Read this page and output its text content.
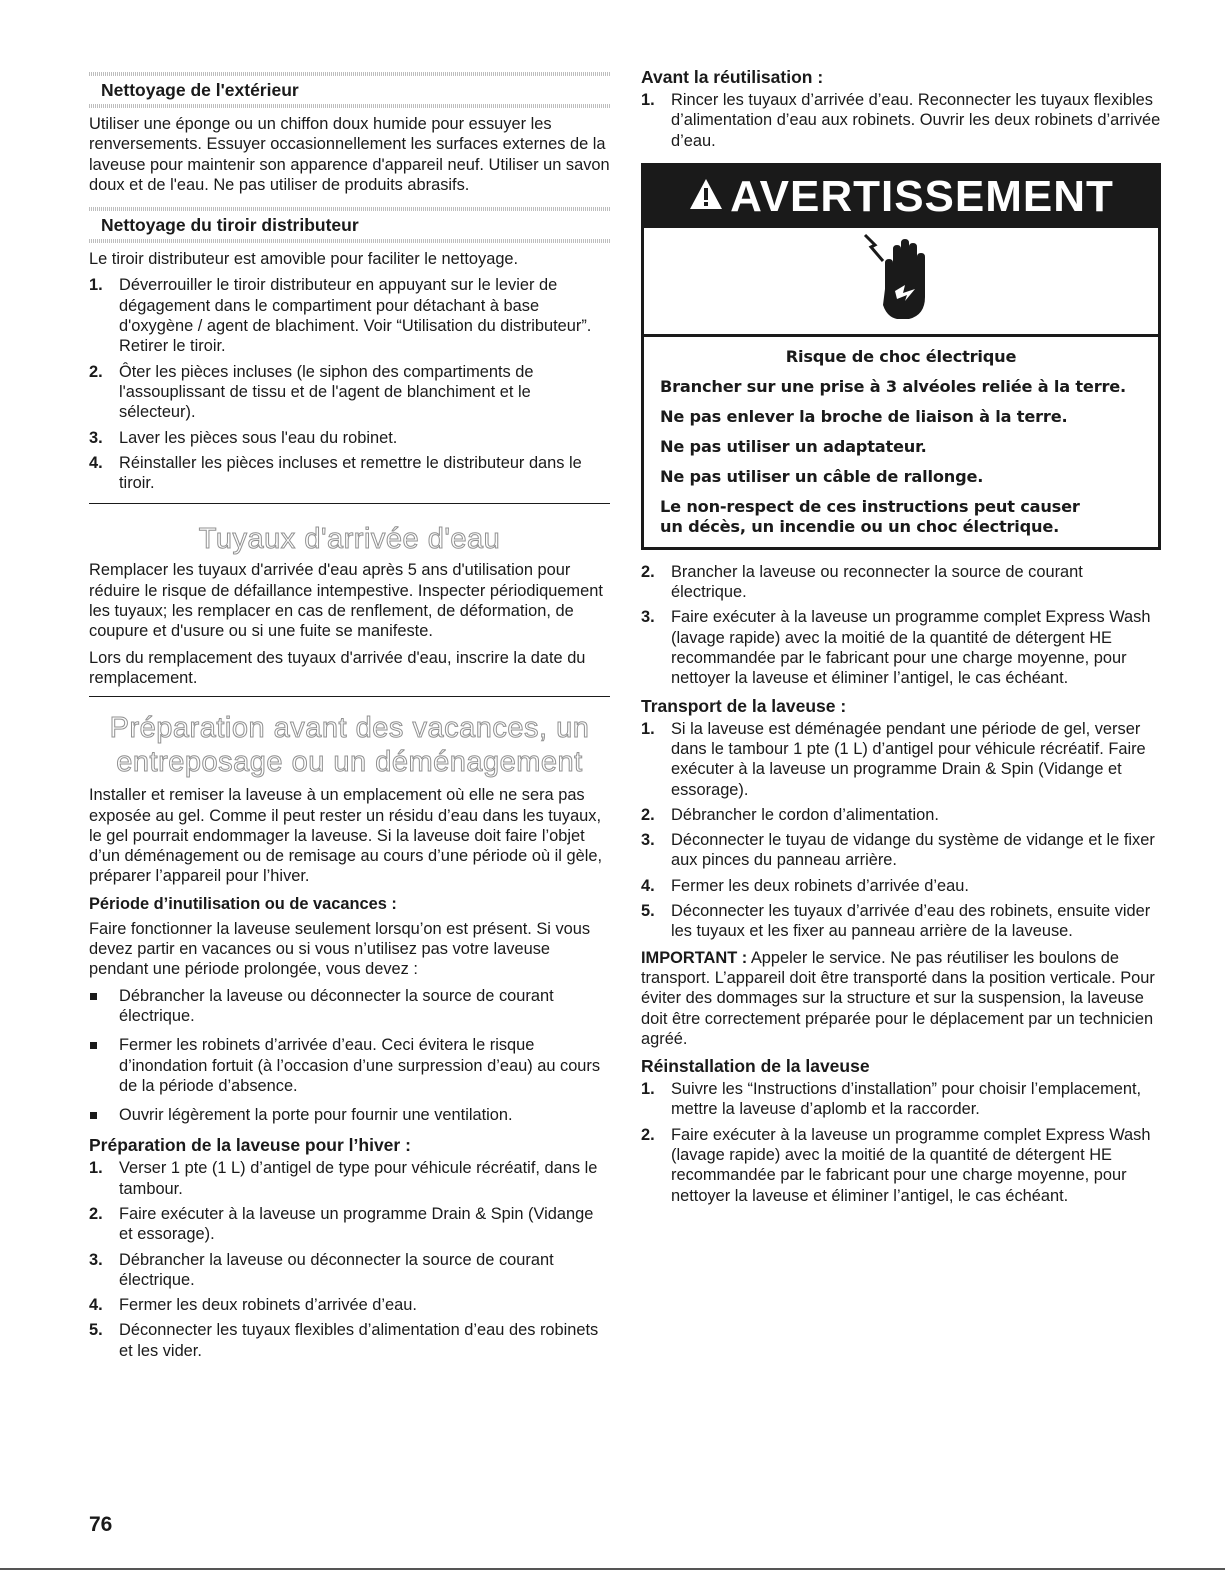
Nettoyage de l'extérieur

Utiliser une éponge ou un chiffon doux humide pour essuyer les renversements. Essuyer occasionnellement les surfaces externes de la laveuse pour maintenir son apparence d'appareil neuf. Utiliser un savon doux et de l'eau. Ne pas utiliser de produits abrasifs.

Nettoyage du tiroir distributeur

Le tiroir distributeur est amovible pour faciliter le nettoyage.

1. Déverrouiller le tiroir distributeur en appuyant sur le levier de dégagement dans le compartiment pour détachant à base d'oxygène / agent de blachiment. Voir “Utilisation du distributeur”. Retirer le tiroir.
2. Ôter les pièces incluses (le siphon des compartiments de l'assouplissant de tissu et de l'agent de blanchiment et le sélecteur).
3. Laver les pièces sous l'eau du robinet.
4. Réinstaller les pièces incluses et remettre le distributeur dans le tiroir.
Tuyaux d'arrivée d'eau

Remplacer les tuyaux d'arrivée d'eau après 5 ans d'utilisation pour réduire le risque de défaillance intempestive. Inspecter périodiquement les tuyaux; les remplacer en cas de renflement, de déformation, de coupure et d'usure ou si une fuite se manifeste.

Lors du remplacement des tuyaux d'arrivée d'eau, inscrire la date du remplacement.

Préparation avant des vacances, un
entreposage ou un déménagement

Installer et remiser la laveuse à un emplacement où elle ne sera pas exposée au gel. Comme il peut rester un résidu d’eau dans les tuyaux, le gel pourrait endommager la laveuse. Si la laveuse doit faire l’objet d’un déménagement ou de remisage au cours d’une période où il gèle, préparer l’appareil pour l’hiver.

Période d’inutilisation ou de vacances :

Faire fonctionner la laveuse seulement lorsqu’on est présent. Si vous devez partir en vacances ou si vous n’utilisez pas votre laveuse pendant une période prolongée, vous devez :

Débrancher la laveuse ou déconnecter la source de courant électrique.
Fermer les robinets d’arrivée d’eau. Ceci évitera le risque d’inondation fortuit (à l’occasion d’une surpression d’eau) au cours de la période d’absence.
Ouvrir légèrement la porte pour fournir une ventilation.
Préparation de la laveuse pour l’hiver :
1. Verser 1 pte (1 L) d’antigel de type pour véhicule récréatif, dans le tambour.
2. Faire exécuter à la laveuse un programme Drain & Spin (Vidange et essorage).
3. Débrancher la laveuse ou déconnecter la source de courant électrique.
4. Fermer les deux robinets d’arrivée d’eau.
5. Déconnecter les tuyaux flexibles d’alimentation d’eau des robinets et les vider.
Avant la réutilisation :
1. Rincer les tuyaux d’arrivée d’eau. Reconnecter les tuyaux flexibles d’alimentation d’eau aux robinets. Ouvrir les deux robinets d’arrivée d’eau.
AVERTISSEMENT
Risque de choc électrique
Brancher sur une prise à 3 alvéoles reliée à la terre.
Ne pas enlever la broche de liaison à la terre.
Ne pas utiliser un adaptateur.
Ne pas utiliser un câble de rallonge.
Le non-respect de ces instructions peut causer
un décès, un incendie ou un choc électrique.
2. Brancher la laveuse ou reconnecter la source de courant électrique.
3. Faire exécuter à la laveuse un programme complet Express Wash (lavage rapide) avec la moitié de la quantité de détergent HE recommandée par le fabricant pour une charge moyenne, pour nettoyer la laveuse et éliminer l’antigel, le cas échéant.
Transport de la laveuse :
1. Si la laveuse est déménagée pendant une période de gel, verser dans le tambour 1 pte (1 L) d’antigel pour véhicule récréatif. Faire exécuter à la laveuse un programme Drain & Spin (Vidange et essorage).
2. Débrancher le cordon d’alimentation.
3. Déconnecter le tuyau de vidange du système de vidange et le fixer aux pinces du panneau arrière.
4. Fermer les deux robinets d’arrivée d’eau.
5. Déconnecter les tuyaux d’arrivée d’eau des robinets, ensuite vider les tuyaux et les fixer au panneau arrière de la laveuse.

IMPORTANT : Appeler le service. Ne pas réutiliser les boulons de transport. L’appareil doit être transporté dans la position verticale. Pour éviter des dommages sur la structure et sur la suspension, la laveuse doit être correctement préparée pour le déplacement par un technicien agréé.

Réinstallation de la laveuse
1. Suivre les “Instructions d’installation” pour choisir l’emplacement, mettre la laveuse d’aplomb et la raccorder.
2. Faire exécuter à la laveuse un programme complet Express Wash (lavage rapide) avec la moitié de la quantité de détergent HE recommandée par le fabricant pour une charge moyenne, pour nettoyer la laveuse et éliminer l’antigel, le cas échéant.
76
